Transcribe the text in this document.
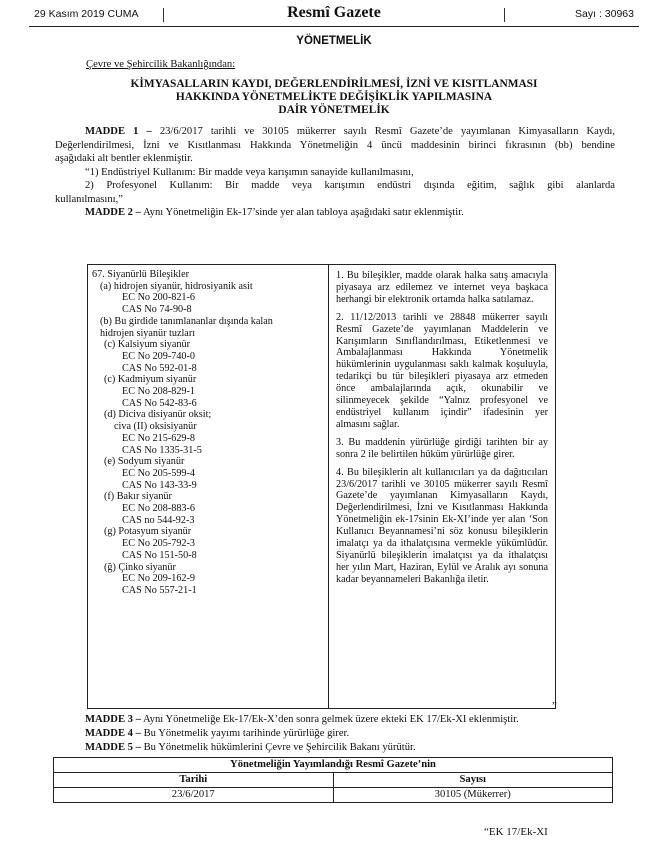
29 Kasım 2019 CUMA	Resmî Gazete	Sayı : 30963
YÖNETMELİK

Çevre ve Şehircilik Bakanlığından:

KİMYASALLARIN KAYDI, DEĞERLENDİRİLMESİ, İZNİ VE KISITLANMASI
HAKKINDA YÖNETMELİKTE DEĞİŞİKLİK YAPILMASINA
DAİR YÖNETMELİK
MADDE 1 – 23/6/2017 tarihli ve 30105 mükerrer sayılı Resmî Gazete’de yayımlanan Kimyasalların Kaydı,
Değerlendirilmesi, İzni ve Kısıtlanması Hakkında Yönetmeliğin 4 üncü maddesinin birinci fıkrasının (bb) bendine
aşağıdaki alt bentler eklenmiştir.
“1) Endüstriyel Kullanım: Bir madde veya karışımın sanayide kullanılmasını,
2) Profesyonel Kullanım: Bir madde veya karışımın endüstri dışında eğitim, sağlık gibi alanlarda
kullanılmasını,”
MADDE 2 – Aynı Yönetmeliğin Ek-17’sinde yer alan tabloya aşağıdaki satır eklenmiştir.
67. Siyanürlü Bileşikler
(a) hidrojen siyanür, hidrosiyanik asit
EC No 200-821-6
CAS No 74-90-8
(b) Bu girdide tanımlananlar dışında kalan
hidrojen siyanür tuzları
(c) Kalsiyum siyanür
EC No 209-740-0
CAS No 592-01-8
(c) Kadmiyum siyanür
EC No 208-829-1
CAS No 542-83-6
(d) Diciva disiyanür oksit;
civa (II) oksisiyanür
EC No 215-629-8
CAS No 1335-31-5
(e) Sodyum siyanür
EC No 205-599-4
CAS No 143-33-9
(f) Bakır siyanür
EC No 208-883-6
CAS no 544-92-3
(g) Potasyum siyanür
EC No 205-792-3
CAS No 151-50-8
(ğ) Çinko siyanür
EC No 209-162-9
CAS No 557-21-1

1. Bu bileşikler, madde olarak halka satış amacıyla piyasaya arz edilemez ve internet veya başkaca herhangi bir elektronik ortamda halka satılamaz.

2. 11/12/2013 tarihli ve 28848 mükerrer sayılı Resmî Gazete’de yayımlanan Maddelerin ve Karışımların Sınıflandırılması, Etiketlenmesi ve Ambalajlanması Hakkında Yönetmelik hükümlerinin uygulanması saklı kalmak koşuluyla, tedarikçi bu tür bileşikleri piyasaya arz etmeden önce ambalajlarında açık, okunabilir ve silinmeyecek şekilde “Yalnız profesyonel ve endüstriyel kullanım içindir” ifadesinin yer almasını sağlar.

3. Bu maddenin yürürlüğe girdiği tarihten bir ay sonra 2 ile belirtilen hüküm yürürlüğe girer.

4. Bu bileşiklerin alt kullanıcıları ya da dağıtıcıları 23/6/2017 tarihli ve 30105 mükerrer sayılı Resmî Gazete’de yayımlanan Kimyasalların Kaydı, Değerlendirilmesi, İzni ve Kısıtlanması Hakkında Yönetmeliğin ek-17sinin Ek-XI’inde yer alan ‘Son Kullanıcı Beyannamesi’ni söz konusu bileşiklerin imalatçı ya da ithalatçısına vermekle yükümlüdür. Siyanürlü bileşiklerin imalatçısı ya da ithalatçısı her yılın Mart, Haziran, Eylül ve Aralık ayı sonuna kadar beyannameleri Bakanlığa iletir.

”
MADDE 3 – Aynı Yönetmeliğe Ek-17/Ek-X’den sonra gelmek üzere ekteki EK 17/Ek-XI eklenmiştir.
MADDE 4 – Bu Yönetmelik yayımı tarihinde yürürlüğe girer.
MADDE 5 – Bu Yönetmelik hükümlerini Çevre ve Şehircilik Bakanı yürütür.
Yönetmeliğin Yayımlandığı Resmî Gazete’nin	
Tarihi	Sayısı
23/6/2017	30105 (Mükerrer)
“EK 17/Ek-XI
